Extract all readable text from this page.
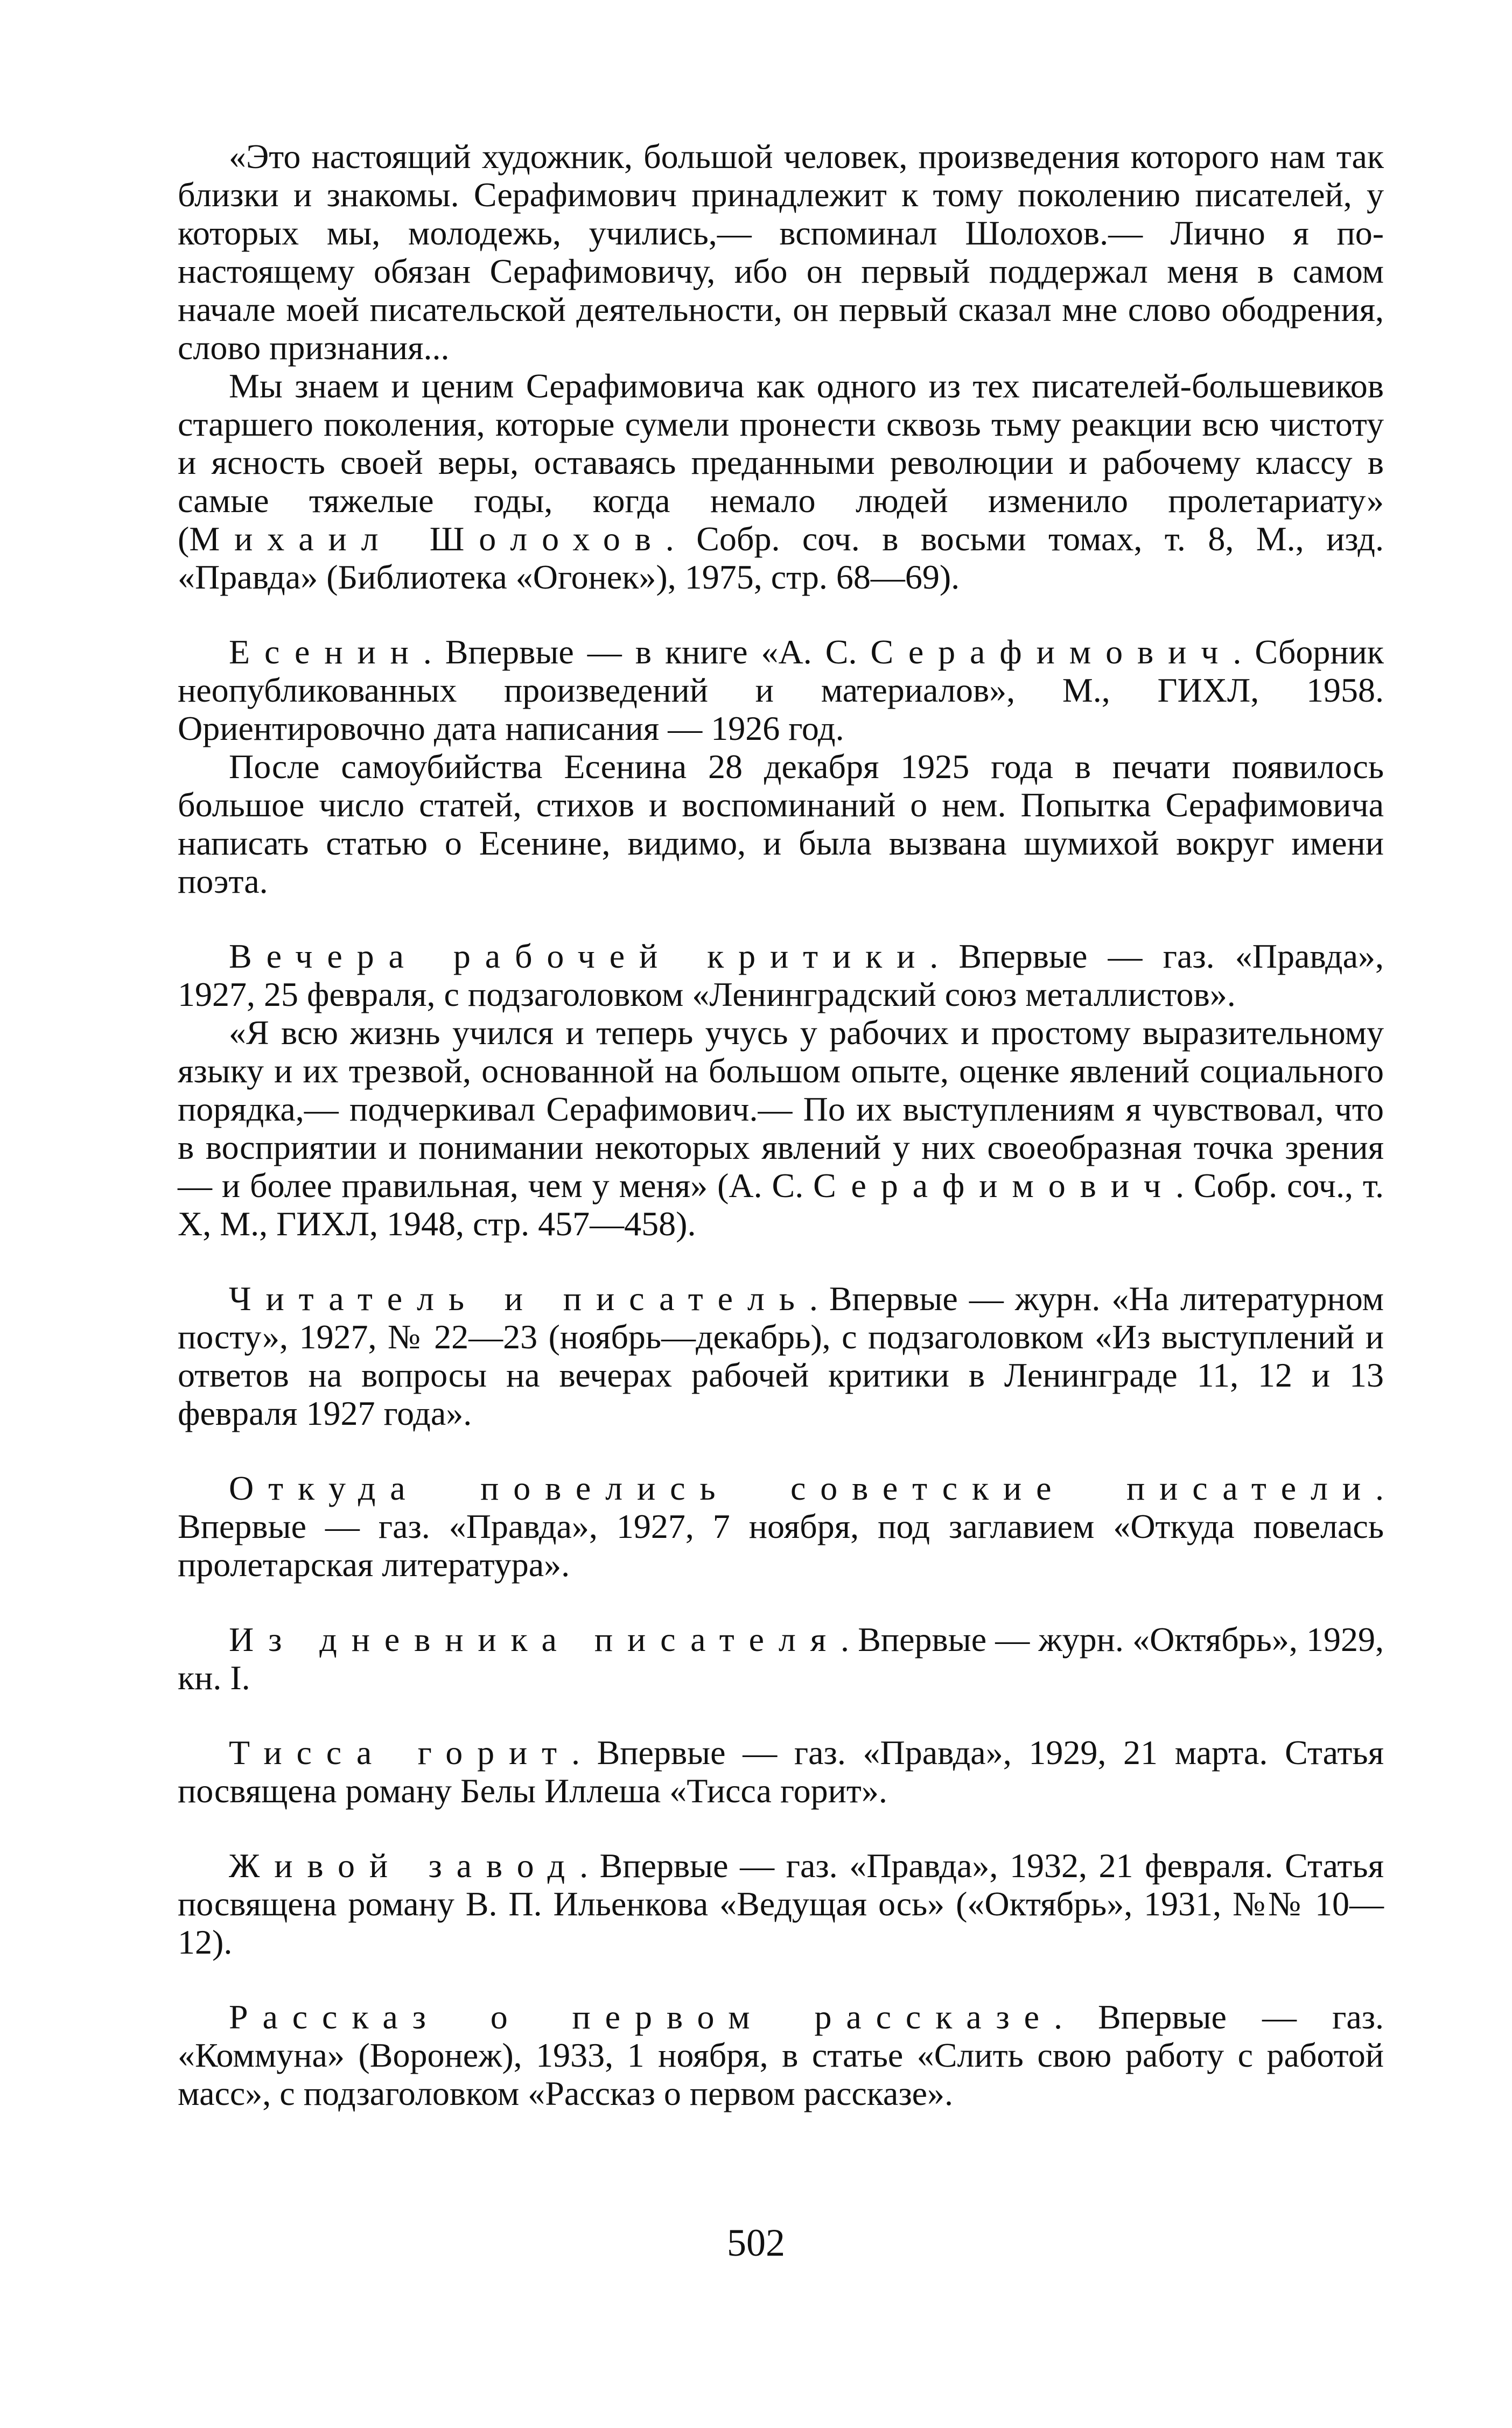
«Это настоящий художник, большой человек, произведения которого нам так близки и знакомы. Серафимович принадлежит к тому поколению писателей, у которых мы, молодежь, учились,— вспоминал Шолохов.— Лично я по-настоящему обязан Серафимовичу, ибо он первый поддержал меня в самом начале моей писательской деятельности, он первый сказал мне слово ободрения, слово признания...

Мы знаем и ценим Серафимовича как одного из тех писателей-большевиков старшего поколения, которые сумели пронести сквозь тьму реакции всю чистоту и ясность своей веры, оставаясь преданными революции и рабочему классу в самые тяжелые годы, когда немало людей изменило пролетариату» (Михаил Шолохов. Собр. соч. в восьми томах, т. 8, М., изд. «Правда» (Библиотека «Огонек»), 1975, стр. 68—69).

Есенин. Впервые — в книге «А. С. Серафимович. Сборник неопубликованных произведений и материалов», М., ГИХЛ, 1958. Ориентировочно дата написания — 1926 год.

После самоубийства Есенина 28 декабря 1925 года в печати появилось большое число статей, стихов и воспоминаний о нем. Попытка Серафимовича написать статью о Есенине, видимо, и была вызвана шумихой вокруг имени поэта.

Вечера рабочей критики. Впервые — газ. «Правда», 1927, 25 февраля, с подзаголовком «Ленинградский союз металлистов».

«Я всю жизнь учился и теперь учусь у рабочих и простому выразительному языку и их трезвой, основанной на большом опыте, оценке явлений социального порядка,— подчеркивал Серафимович.— По их выступлениям я чувствовал, что в восприятии и понимании некоторых явлений у них своеобразная точка зрения — и более правильная, чем у меня» (А. С. Серафимович. Собр. соч., т. X, М., ГИХЛ, 1948, стр. 457—458).

Читатель и писатель. Впервые — журн. «На литературном посту», 1927, № 22—23 (ноябрь—декабрь), с подзаголовком «Из выступлений и ответов на вопросы на вечерах рабочей критики в Ленинграде 11, 12 и 13 февраля 1927 года».

Откуда повелись советские писатели. Впервые — газ. «Правда», 1927, 7 ноября, под заглавием «Откуда повелась пролетарская литература».

Из дневника писателя. Впервые — журн. «Октябрь», 1929, кн. I.

Тисса горит. Впервые — газ. «Правда», 1929, 21 марта. Статья посвящена роману Белы Иллеша «Тисса горит».

Живой завод. Впервые — газ. «Правда», 1932, 21 февраля. Статья посвящена роману В. П. Ильенкова «Ведущая ось» («Октябрь», 1931, №№ 10—12).

Рассказ о первом рассказе. Впервые — газ. «Коммуна» (Воронеж), 1933, 1 ноября, в статье «Слить свою работу с работой масс», с подзаголовком «Рассказ о первом рассказе».

502
